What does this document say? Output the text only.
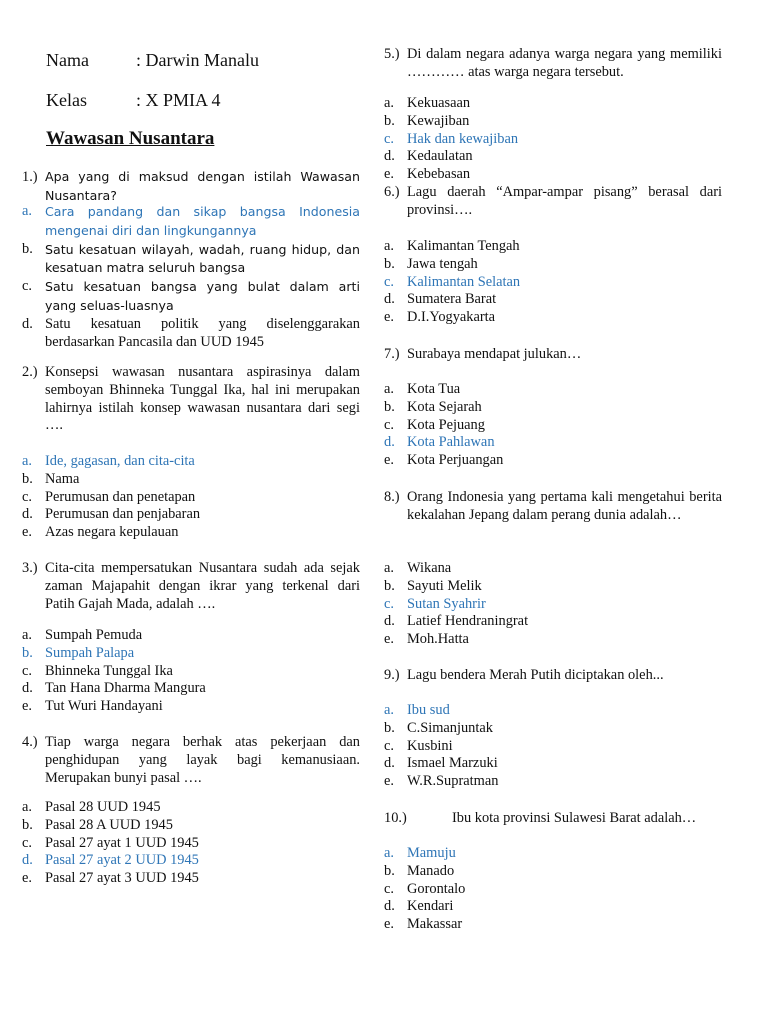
Nama	: Darwin Manalu
Kelas	: X PMIA 4
Wawasan Nusantara
1.) Apa yang di maksud dengan istilah Wawasan Nusantara?
a. Cara pandang dan sikap bangsa Indonesia mengenai diri dan lingkungannya
b. Satu kesatuan wilayah, wadah, ruang hidup, dan kesatuan matra seluruh bangsa
c. Satu kesatuan bangsa yang bulat dalam arti yang seluas-luasnya
d. Satu kesatuan politik yang diselenggarakan berdasarkan Pancasila dan UUD 1945
2.) Konsepsi wawasan nusantara aspirasinya dalam semboyan Bhinneka Tunggal Ika, hal ini merupakan lahirnya istilah konsep wawasan nusantara dari segi ….
a. Ide, gagasan, dan cita-cita
b. Nama
c. Perumusan dan penetapan
d. Perumusan dan penjabaran
e. Azas negara kepulauan
3.) Cita-cita mempersatukan Nusantara sudah ada sejak zaman Majapahit dengan ikrar yang terkenal dari Patih Gajah Mada, adalah ….
a. Sumpah Pemuda
b. Sumpah Palapa
c. Bhinneka Tunggal Ika
d. Tan Hana Dharma Mangura
e. Tut Wuri Handayani
4.) Tiap warga negara berhak atas pekerjaan dan penghidupan yang layak bagi kemanusiaan. Merupakan bunyi pasal ….
a. Pasal 28 UUD 1945
b. Pasal 28 A UUD 1945
c. Pasal 27 ayat 1 UUD 1945
d. Pasal 27 ayat 2 UUD 1945
e. Pasal 27 ayat 3 UUD 1945
5.) Di dalam negara adanya warga negara yang memiliki ………… atas warga negara tersebut.
a. Kekuasaan
b. Kewajiban
c. Hak dan kewajiban
d. Kedaulatan
e. Kebebasan
6.) Lagu daerah “Ampar-ampar pisang” berasal dari provinsi….
a. Kalimantan Tengah
b. Jawa tengah
c. Kalimantan Selatan
d. Sumatera Barat
e. D.I.Yogyakarta
7.) Surabaya mendapat julukan…
a. Kota Tua
b. Kota Sejarah
c. Kota Pejuang
d. Kota Pahlawan
e. Kota Perjuangan
8.) Orang Indonesia yang pertama kali mengetahui berita kekalahan Jepang dalam perang dunia adalah…
a. Wikana
b. Sayuti Melik
c. Sutan Syahrir
d. Latief Hendraningrat
e. Moh.Hatta
9.) Lagu bendera Merah Putih diciptakan oleh...
a. Ibu sud
b. C.Simanjuntak
c. Kusbini
d. Ismael Marzuki
e. W.R.Supratman
10.)	Ibu kota provinsi Sulawesi Barat adalah…
a. Mamuju
b. Manado
c. Gorontalo
d. Kendari
e. Makassar
